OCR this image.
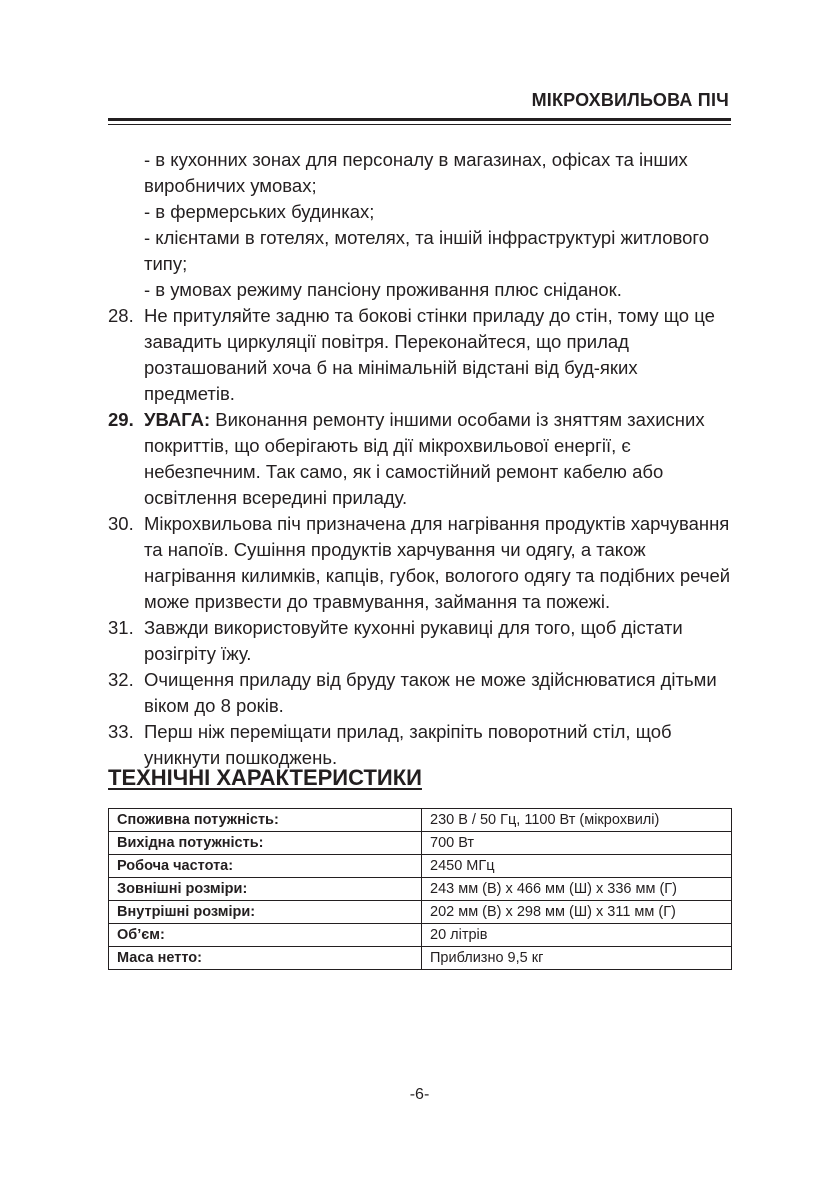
МІКРОХВИЛЬОВА ПІЧ
- в кухонних зонах для персоналу в магазинах, офісах та інших виробничих умовах;
- в фермерських будинках;
- клієнтами в готелях, мотелях, та іншій інфраструктурі житлового типу;
- в умовах режиму пансіону проживання плюс сніданок.
28. Не притуляйте задню та бокові стінки приладу до стін, тому що це завадить циркуляції повітря. Переконайтеся, що прилад розташований хоча б на мінімальній відстані від буд-яких предметів.
29. УВАГА: Виконання ремонту іншими особами із зняттям захисних покриттів, що оберігають від дії мікрохвильової енергії, є небезпечним. Так само, як і самостійний ремонт кабелю або освітлення всередині приладу.
30. Мікрохвильова піч призначена для нагрівання продуктів харчування та напоїв. Сушіння продуктів харчування чи одягу, а також нагрівання килимків, капців, губок, вологого одягу та подібних речей може призвести до травмування, займання та пожежі.
31. Завжди використовуйте кухонні рукавиці для того, щоб дістати розігріту їжу.
32. Очищення приладу від бруду також не може здійснюватися дітьми віком до 8 років.
33. Перш ніж переміщати прилад, закріпіть поворотний стіл, щоб уникнути пошкоджень.
ТЕХНІЧНІ ХАРАКТЕРИСТИКИ
Споживна потужність:	230 В / 50 Гц, 1100 Вт (мікрохвилі)
Вихідна потужність:	700 Вт
Робоча частота:	2450 МГц
Зовнішні розміри:	243 мм (В) x 466 мм (Ш) x 336 мм (Г)
Внутрішні розміри:	202 мм (В) x 298 мм (Ш) x 311 мм (Г)
Об’єм:	20 літрів
Маса нетто:	Приблизно 9,5 кг
-6-
